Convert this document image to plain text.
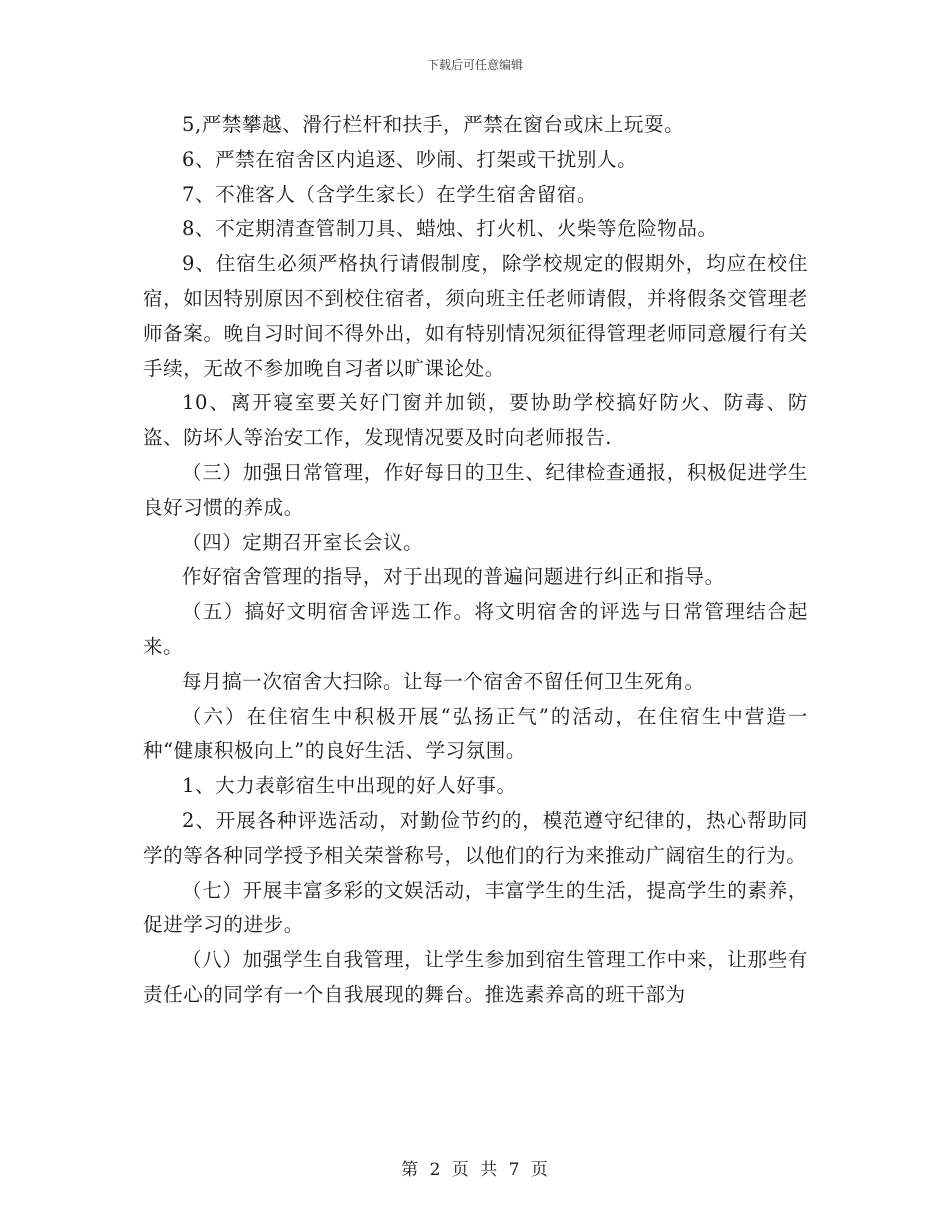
下载后可任意编辑

5,严禁攀越、滑行栏杆和扶手，严禁在窗台或床上玩耍。

6、严禁在宿舍区内追逐、吵闹、打架或干扰别人。

7、不准客人（含学生家长）在学生宿舍留宿。

8、不定期清查管制刀具、蜡烛、打火机、火柴等危险物品。

9、住宿生必须严格执行请假制度，除学校规定的假期外，均应在校住宿，如因特别原因不到校住宿者，须向班主任老师请假，并将假条交管理老师备案。晚自习时间不得外出，如有特别情况须征得管理老师同意履行有关手续，无故不参加晚自习者以旷课论处。

10、离开寝室要关好门窗并加锁，要协助学校搞好防火、防毒、防盗、防坏人等治安工作，发现情况要及时向老师报告.

（三）加强日常管理，作好每日的卫生、纪律检查通报，积极促进学生良好习惯的养成。

（四）定期召开室长会议。

作好宿舍管理的指导，对于出现的普遍问题进行纠正和指导。

（五）搞好文明宿舍评选工作。将文明宿舍的评选与日常管理结合起来。

每月搞一次宿舍大扫除。让每一个宿舍不留任何卫生死角。

（六）在住宿生中积极开展“弘扬正气”的活动，在住宿生中营造一种“健康积极向上”的良好生活、学习氛围。

1、大力表彰宿生中出现的好人好事。

2、开展各种评选活动，对勤俭节约的，模范遵守纪律的，热心帮助同学的等各种同学授予相关荣誉称号，以他们的行为来推动广阔宿生的行为。

（七）开展丰富多彩的文娱活动，丰富学生的生活，提高学生的素养，促进学习的进步。

（八）加强学生自我管理，让学生参加到宿生管理工作中来，让那些有责任心的同学有一个自我展现的舞台。推选素养高的班干部为

第 2 页 共 7 页
